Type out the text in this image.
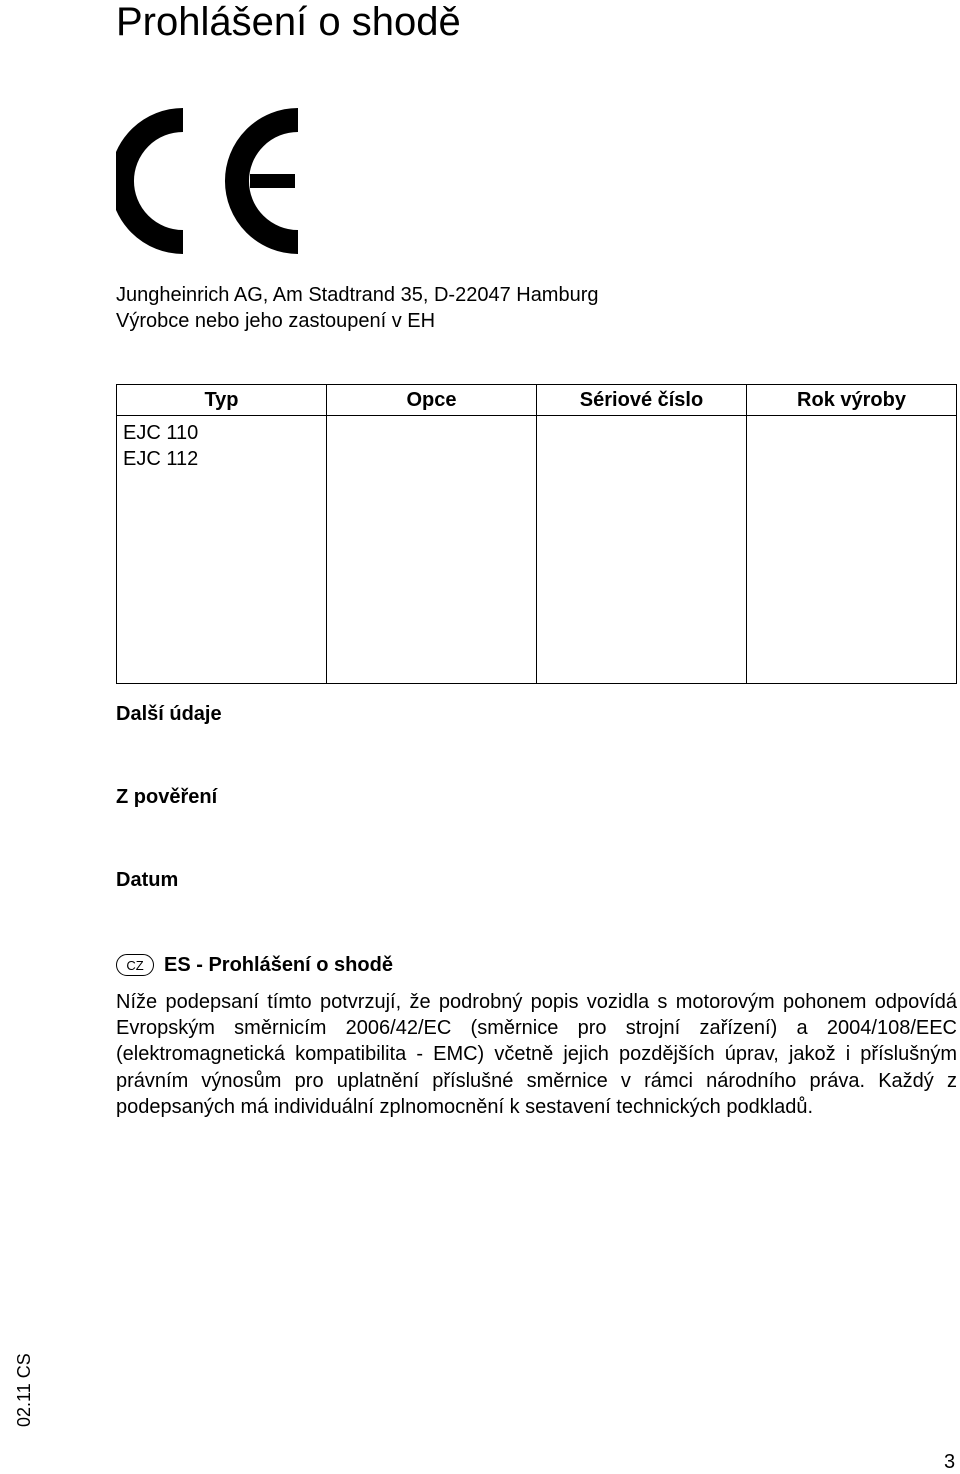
Prohlášení o shodě
Jungheinrich AG, Am Stadtrand 35, D-22047 Hamburg
Výrobce nebo jeho zastoupení v EH
Typ	Opce	Sériové číslo	Rok výroby

EJC 110
EJC 112			

Další údaje
Z pověření
Datum
CZ	ES - Prohlášení o shodě

Níže podepsaní tímto potvrzují, že podrobný popis vozidla s motorovým pohonem odpovídá Evropským směrnicím 2006/42/EC (směrnice pro strojní zařízení) a 2004/108/EEC (elektromagnetická kompatibilita - EMC) včetně jejich pozdějších úprav, jakož i příslušným právním výnosům pro uplatnění příslušné směrnice v rámci národního práva. Každý z podepsaných má individuální zplnomocnění k sestavení technických podkladů.

02.11 CS
3
